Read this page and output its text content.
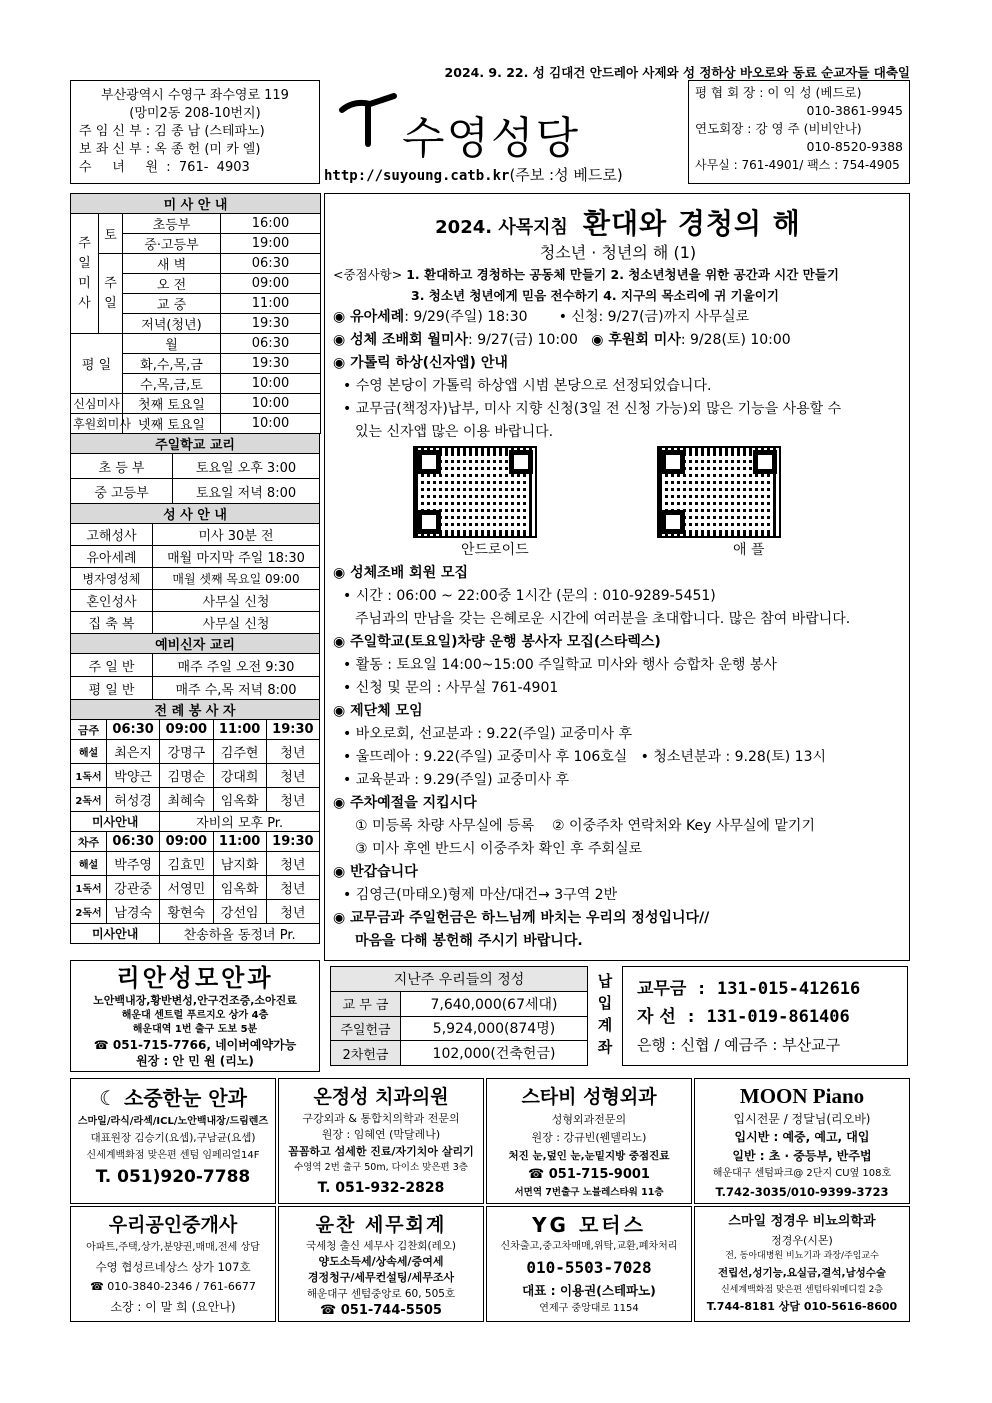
2024. 9. 22. 성 김대건 안드레아 사제와 성 정하상 바오로와 동료 순교자들 대축일
부산광역시 수영구 좌수영로 119
(망미2동 208-10번지)
주 임 신 부 : 김 종 남 (스테파노)
보 좌 신 부 : 옥 종 헌 (미 카 엘)
수     녀     원  :  761-  4903
수영성당
http://suyoung.catb.kr(주보 :성 베드로)
평 협 회 장 : 이 익 성 (베드로)
010-3861-9945
연도회장 : 강 영 주 (비비안나)
010-8520-9388
사무실 : 761-4901/ 팩스 : 754-4905
미 사 안 내			
주일미사	토	초등부	16:00
		중·고등부	19:00
	주일	새 벽	06:30
		오 전	09:00
		교 중	11:00
		저녁(청년)	19:30
평 일		월	06:30
		화,수,목,금	19:30
		수,목,금,토	10:00
신심미사		첫째 토요일	10:00
후원회미사		넷째 토요일	10:00
주일학교 교리	
초 등 부	토요일 오후 3:00
중 고등부	토요일 저녁 8:00
성 사 안 내	
고해성사	미사 30분 전
유아세례	매월 마지막 주일 18:30
병자영성체	매월 셋째 목요일 09:00
혼인성사	사무실 신청
집 축 복	사무실 신청
예비신자 교리	
주 일 반	매주 주일 오전 9:30
평 일 반	매주 수,목 저녁 8:00
전 례 봉 사 자				
금주	06:30	09:00	11:00	19:30
해설	최은지	강명구	김주현	청년
1독서	박양근	김명순	강대희	청년
2독서	허성경	최혜숙	임옥화	청년
미사안내		자비의 모후 Pr.		
차주	06:30	09:00	11:00	19:30
해설	박주영	김효민	남지화	청년
1독서	강관중	서영민	임옥화	청년
2독서	남경숙	황현숙	강선임	청년
미사안내		찬송하올 동정녀 Pr.		
리안성모안과
노안백내장,황반변성,안구건조증,소아진료
해운대 센트럴 푸르지오 상가 4층
해운대역 1번 출구 도보 5분
☎ 051-715-7766, 네이버예약가능
원장 : 안 민 원 (리노)
2024. 사목지침 환대와 경청의 해
청소년 · 청년의 해 (1)
<중점사항> 1. 환대하고 경청하는 공동체 만들기 2. 청소년청년을 위한 공간과 시간 만들기
3. 청소년 청년에게 믿음 전수하기 4. 지구의 목소리에 귀 기울이기
◉ 유아세례: 9/29(주일) 18:30 • 신청: 9/27(금)까지 사무실로
◉ 성체 조배회 월미사: 9/27(금) 10:00 ◉ 후원회 미사: 9/28(토) 10:00
◉ 가톨릭 하상(신자앱) 안내
• 수영 본당이 가톨릭 하상앱 시범 본당으로 선정되었습니다.
• 교무금(책정자)납부, 미사 지향 신청(3일 전 신청 가능)외 많은 기능을 사용할 수
있는 신자앱 많은 이용 바랍니다.
안드로이드	애 플
◉ 성체조배 회원 모집
• 시간 : 06:00 ~ 22:00중 1시간 (문의 : 010-9289-5451)
주님과의 만남을 갖는 은혜로운 시간에 여러분을 초대합니다. 많은 참여 바랍니다.
◉ 주일학교(토요일)차량 운행 봉사자 모집(스타렉스)
• 활동 : 토요일 14:00~15:00 주일학교 미사와 행사 승합차 운행 봉사
• 신청 및 문의 : 사무실 761-4901
◉ 제단체 모임
• 바오로회, 선교분과 : 9.22(주일) 교중미사 후
• 울뜨레아 : 9.22(주일) 교중미사 후 106호실 • 청소년분과 : 9.28(토) 13시
• 교육분과 : 9.29(주일) 교중미사 후
◉ 주차예절을 지킵시다
① 미등록 차량 사무실에 등록 ② 이중주차 연락처와 Key 사무실에 맡기기
③ 미사 후엔 반드시 이중주차 확인 후 주회실로
◉ 반갑습니다
• 김영근(마태오)형제 마산/대건→ 3구역 2반
◉ 교무금과 주일헌금은 하느님께 바치는 우리의 정성입니다//
마음을 다해 봉헌해 주시기 바랍니다.
지난주 우리들의 정성	
교 무 금	7,640,000(67세대)
주일헌금	5,924,000(874명)
2차헌금	102,000(건축헌금)
납입계좌
교무금 : 131-015-412616
자 선 : 131-019-861406
은행 : 신협 / 예금주 : 부산교구
☾ 소중한눈 안과
스마일/라식/라섹/ICL/노안백내장/드림렌즈
대표원장 김승기(요셉),구남균(요셉)
신세계백화점 맞은편 센텀 임페리얼14F
T. 051)920-7788
온정성 치과의원
구강외과 & 통합치의학과 전문의
원장 : 임혜연 (막달레나)
꼼꼼하고 섬세한 진료/자기치아 살리기
수영역 2번 출구 50m, 다이소 맞은편 3층
T. 051-932-2828
스타비 성형외과
성형외과전문의
원장 : 강규빈(웬델리노)
처진 눈,덮인 눈,눈밑지방 중점진료
☎ 051-715-9001
서면역 7번출구 노블레스타워 11층
MOON Piano
입시전문 / 정달님(리오바)
입시반 : 예중, 예고, 대입
일반 : 초 · 중등부, 반주법
해운대구 센텀파크@ 2단지 CU옆 108호
T.742-3035/010-9399-3723
우리공인중개사
아파트,주택,상가,분양권,매매,전세 상담
수영 협성르네상스 상가 107호
☎ 010-3840-2346 / 761-6677
소장 : 이 말 희 (요안나)
윤찬 세무회계
국세청 출신 세무사 김찬회(레오)
양도소득세/상속세/증여세
경정청구/세무컨설팅/세무조사
해운대구 센텀중앙로 60, 505호
☎ 051-744-5505
YG 모터스
신차출고,중고차매매,위탁,교환,폐차처리
010-5503-7028
대표 : 이용권(스테파노)
연제구 중앙대로 1154
스마일 정경우 비뇨의학과
정경우(시몬)
전, 동아대병원 비뇨기과 과장/주임교수
전립선,성기능,요실금,결석,남성수술
신세계백화점 맞은편 센텀타워메디컬 2층
T.744-8181 상담 010-5616-8600
